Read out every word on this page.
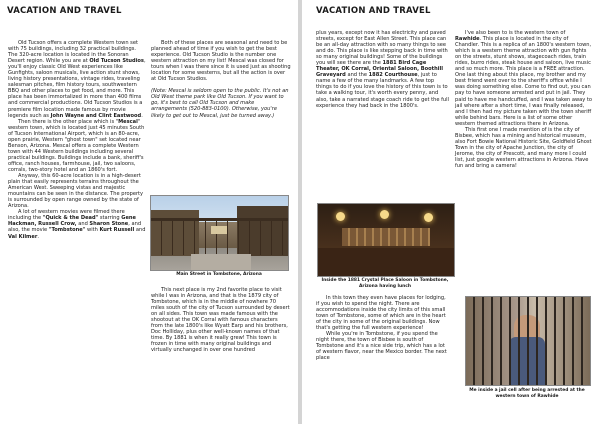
VACATION AND TRAVEL

Old Tucson offers a complete Western town set with 75 buildings, including 32 practical buildings. The 320-acre location is located in the Sonoran Desert region. While you are at Old Tucson Studios, you'll enjoy classic Old West experiences like Gunfights, saloon musicals, live action stunt shows, living history presentations, vintage rides, traveling salesman pitches, film history tours, southwestern BBQ and other places to get food, and more. This place has been immortalized in more than 400 films and commercial productions. Old Tucson Studios is a premiere film location made famous by movie legends such as John Wayne and Clint Eastwood.

Then there is the other place which is "Mescal" western town, which is located just 45 minutes South of Tucson International Airport, which is an 80-acre, open prairie, Western "ghost town" set located near Benson, Arizona. Mescal offers a complete Western town with 44 Western buildings including several practical buildings. Buildings include a bank, sheriff's office, ranch houses, farmhouse, jail, two saloons, corrals, two-story hotel and an 1860's fort.

Anyway, this 60-acre location is in a high-desert plain that easily represents terrains throughout the American West. Sweeping vistas and majestic mountains can be seen in the distance. The property is surrounded by open range owned by the state of Arizona.

A lot of western movies were filmed there including the "Quick & the Dead" starring Gene Hackman, Russell Crow, and Sharon Stone, and also, the movie "Tombstone" with Kurt Russell and Val Kilmer.

Both of these places are seasonal and need to be planned ahead of time if you wish to get the best experience. Old Tucson Studio is the number one western attraction on my list! Mescal was closed for tours when I was there since it is used just as shooting location for some westerns, but all the action is over at Old Tucson Studios.

(Note: Mescal is seldom open to the public. It's not an Old West theme park like Old Tucson. If you want to go, it's best to call Old Tucson and make arrangements (520-883-0100). Otherwise, you're likely to get out to Mescal, just be turned away.)

Main Street in Tombstone, Arizona

This next place is my 2nd favorite place to visit while I was in Arizona, and that is the 1879 city of Tombstone, which is in the middle of nowhere 70 miles south of the city of Tucson surrounded by desert on all sides. This town was made famous with the shootout at the OK Corral with famous characters from the late 1800's like Wyatt Earp and his brothers, Doc Holliday, plus other well-known names of that time. By 1881 is when it really grew! This town is frozen in time with many original buildings and virtually unchanged in over one hundred

VACATION AND TRAVEL

plus years, except now it has electricity and paved streets, except for East Allen Street. This place can be an all-day attraction with so many things to see and do. This place is like stepping back in time with so many original buildings! Some of the buildings you will see there are the 1881 Bird Cage Theater, OK Corral, Oriental Saloon, Boothill Graveyard and the 1882 Courthouse, just to name a few of the many landmarks. A few top things to do if you love the history of this town is to take a walking tour, it's worth every penny, and also, take a narrated stage coach ride to get the full experience they had back in the 1800's.

Inside the 1881 Crystal Place Saloon in Tombstone, Arizona having lunch

In this town they even have places for lodging, if you wish to spend the night. There are accommodations inside the city limits of this small town of Tombstone, some of which are in the heart of the city in some of the original buildings. Now that's getting the full western experience!

While you're in Tombstone, if you spend the night there, the town of Bisbee is south of Tombstone and it's a nice side trip, which has a lot of western flavor, near the Mexico border. The next place

I've also been to is the western town of Rawhide. This place is located in the city of Chandler. This is a replica of an 1800's western town, which is a western theme attraction with gun fights on the streets, stunt shows, stagecoach rides, train rides, burro rides, steak house and saloon, live music and so much more. This place is a FREE attraction. One last thing about this place, my brother and my best friend went over to the sheriff's office while I was doing something else. Come to find out, you can pay to have someone arrested and put in jail. They paid to have me handcuffed, and I was taken away to jail where after a short time, I was finally released, and I then had my picture taken with the town sheriff while behind bars. Here is a list of some other western themed attractions there in Arizona.

This first one I made mention of is the city of Bisbee, which has a mining and historical museum, also Fort Bowie National Historic Site, Goldfield Ghost Town in the city of Apache Junction, the city of Jerome, the city of Prescott, and many more I could list, just google western attractions in Arizona. Have fun and bring a camera!

Me inside a jail cell after being arrested at the western town of Rawhide
